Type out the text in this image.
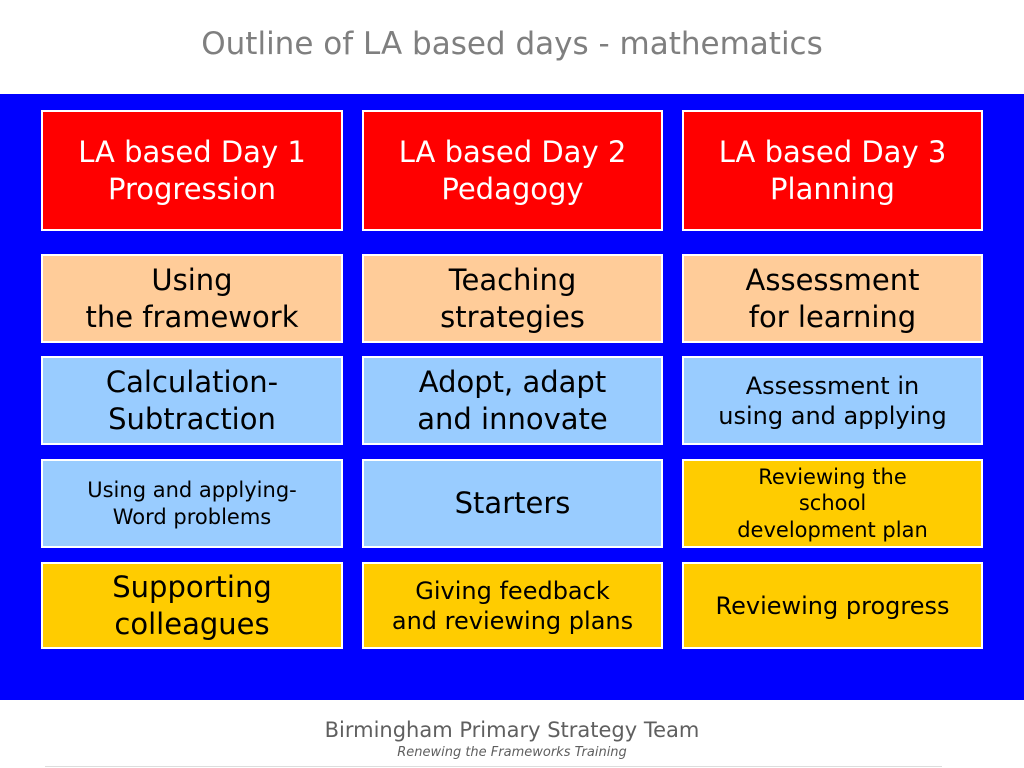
Outline of LA based days - mathematics
LA based Day 1
Progression
LA based Day 2
Pedagogy
LA based Day 3
Planning
Using
the framework
Teaching
strategies
Assessment
for learning
Calculation-
Subtraction
Adopt, adapt
and innovate
Assessment in
using and applying
Using and applying-
Word problems	Starters
Reviewing the
school
development plan
Supporting
colleagues
Giving feedback
and reviewing plans
Reviewing progress
Birmingham Primary Strategy Team
Renewing the Frameworks Training
